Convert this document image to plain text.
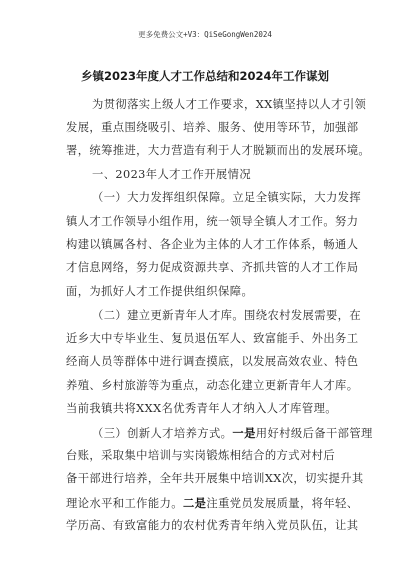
更多免费公文+V3：QiSeGongWen2024
乡镇2023年度人才工作总结和2024年工作谋划
为贯彻落实上级人才工作要求，XX镇坚持以人才引领
发展，重点围绕吸引、培养、服务、使用等环节，加强部
署，统筹推进，大力营造有利于人才脱颖而出的发展环境。
一、2023年人才工作开展情况
（一）大力发挥组织保障。立足全镇实际，大力发挥
镇人才工作领导小组作用，统一领导全镇人才工作。努力
构建以镇属各村、各企业为主体的人才工作体系，畅通人
才信息网络，努力促成资源共享、齐抓共管的人才工作局
面，为抓好人才工作提供组织保障。
（二）建立更新青年人才库。围绕农村发展需要，在
近乡大中专毕业生、复员退伍军人、致富能手、外出务工
经商人员等群体中进行调查摸底，以发展高效农业、特色
养殖、乡村旅游等为重点，动态化建立更新青年人才库。
当前我镇共将XXX名优秀青年人才纳入人才库管理。
（三）创新人才培养方式。一是用好村级后备干部管理
台账，采取集中培训与实岗锻炼相结合的方式对村后
备干部进行培养，全年共开展集中培训XX次，切实提升其
理论水平和工作能力。二是注重党员发展质量，将年轻、
学历高、有致富能力的农村优秀青年纳入党员队伍，让其
